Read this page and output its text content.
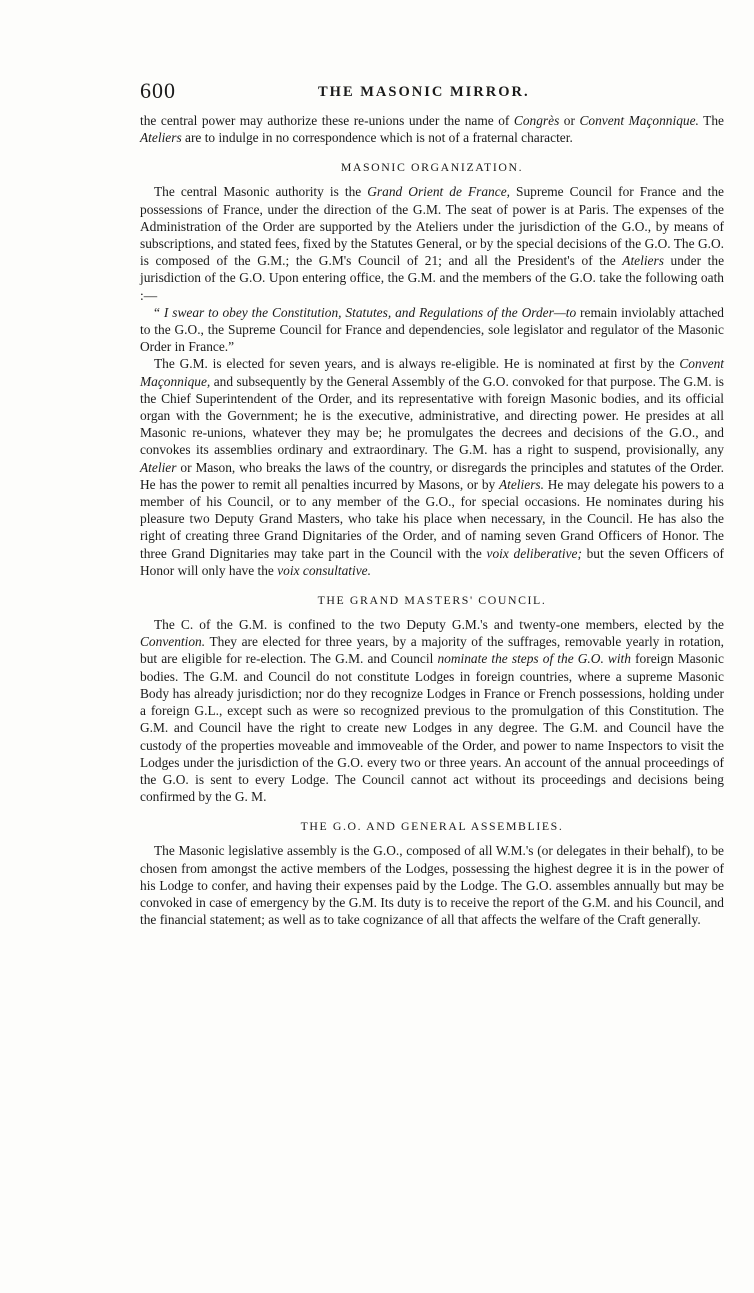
600	THE MASONIC MIRROR.

the central power may authorize these re-unions under the name of Congrès or Convent Maçonnique. The Ateliers are to indulge in no correspondence which is not of a fraternal character.

MASONIC ORGANIZATION.

The central Masonic authority is the Grand Orient de France, Supreme Council for France and the possessions of France, under the direction of the G.M. The seat of power is at Paris. The expenses of the Administration of the Order are supported by the Ateliers under the jurisdiction of the G.O., by means of subscriptions, and stated fees, fixed by the Statutes General, or by the special decisions of the G.O. The G.O. is composed of the G.M.; the G.M's Council of 21; and all the President's of the Ateliers under the jurisdiction of the G.O. Upon entering office, the G.M. and the members of the G.O. take the following oath :—

“ I swear to obey the Constitution, Statutes, and Regulations of the Order—to remain inviolably attached to the G.O., the Supreme Council for France and dependencies, sole legislator and regulator of the Masonic Order in France.”

The G.M. is elected for seven years, and is always re-eligible. He is nominated at first by the Convent Maçonnique, and subsequently by the General Assembly of the G.O. convoked for that purpose. The G.M. is the Chief Superintendent of the Order, and its representative with foreign Masonic bodies, and its official organ with the Government; he is the executive, administrative, and directing power. He presides at all Masonic re-unions, whatever they may be; he promulgates the decrees and decisions of the G.O., and convokes its assemblies ordinary and extraordinary. The G.M. has a right to suspend, provisionally, any Atelier or Mason, who breaks the laws of the country, or disregards the principles and statutes of the Order. He has the power to remit all penalties incurred by Masons, or by Ateliers. He may delegate his powers to a member of his Council, or to any member of the G.O., for special occasions. He nominates during his pleasure two Deputy Grand Masters, who take his place when necessary, in the Council. He has also the right of creating three Grand Dignitaries of the Order, and of naming seven Grand Officers of Honor. The three Grand Dignitaries may take part in the Council with the voix deliberative; but the seven Officers of Honor will only have the voix consultative.

THE GRAND MASTERS' COUNCIL.

The C. of the G.M. is confined to the two Deputy G.M.'s and twenty-one members, elected by the Convention. They are elected for three years, by a majority of the suffrages, removable yearly in rotation, but are eligible for re-election. The G.M. and Council nominate the steps of the G.O. with foreign Masonic bodies. The G.M. and Council do not constitute Lodges in foreign countries, where a supreme Masonic Body has already jurisdiction; nor do they recognize Lodges in France or French possessions, holding under a foreign G.L., except such as were so recognized previous to the promulgation of this Constitution. The G.M. and Council have the right to create new Lodges in any degree. The G.M. and Council have the custody of the properties moveable and immoveable of the Order, and power to name Inspectors to visit the Lodges under the jurisdiction of the G.O. every two or three years. An account of the annual proceedings of the G.O. is sent to every Lodge. The Council cannot act without its proceedings and decisions being confirmed by the G. M.

THE G.O. AND GENERAL ASSEMBLIES.

The Masonic legislative assembly is the G.O., composed of all W.M.'s (or delegates in their behalf), to be chosen from amongst the active members of the Lodges, possessing the highest degree it is in the power of his Lodge to confer, and having their expenses paid by the Lodge. The G.O. assembles annually but may be convoked in case of emergency by the G.M. Its duty is to receive the report of the G.M. and his Council, and the financial statement; as well as to take cognizance of all that affects the welfare of the Craft generally.
